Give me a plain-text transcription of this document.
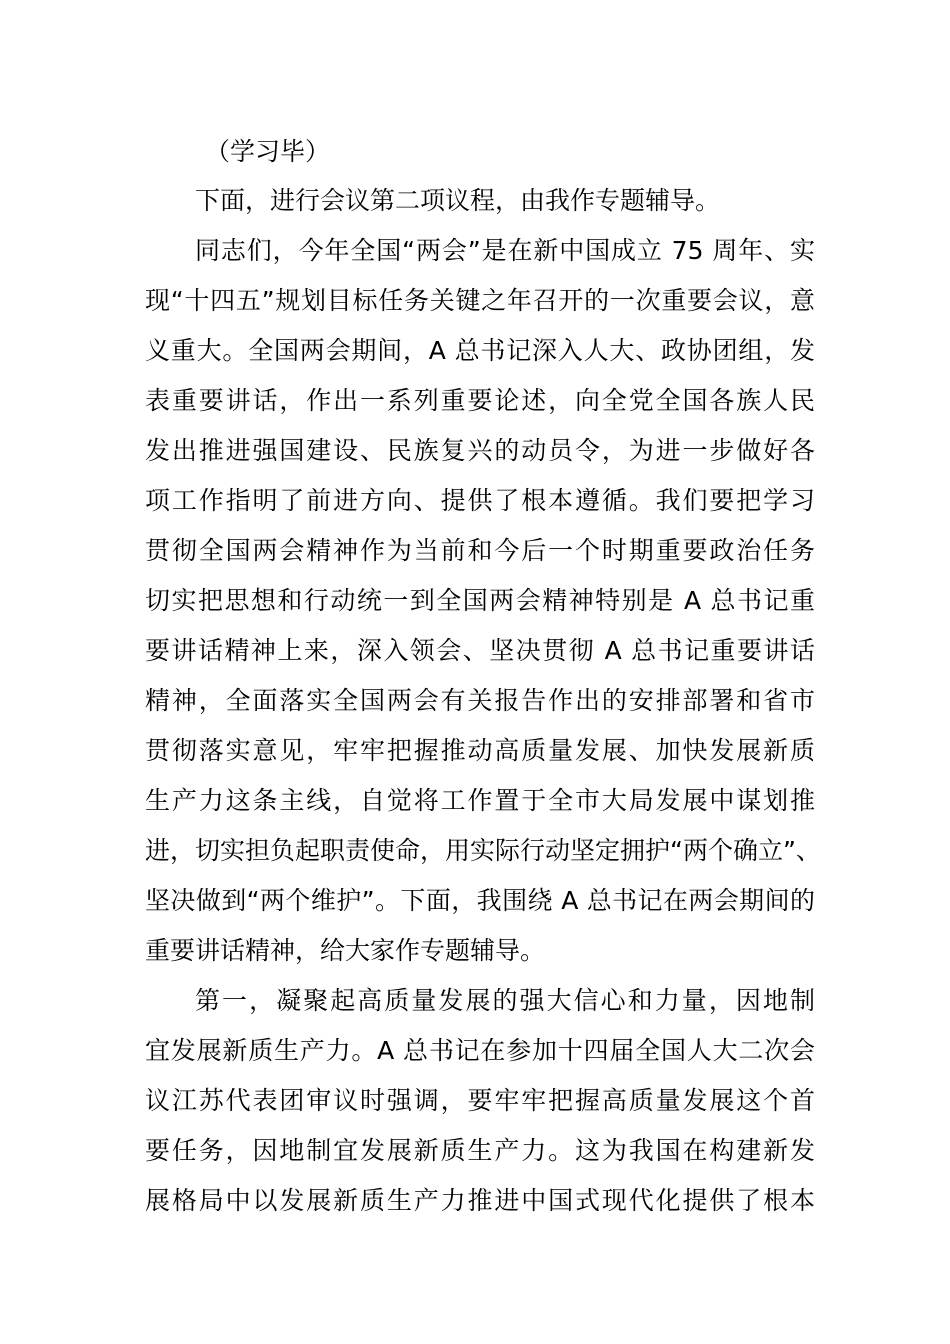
（学习毕）
下面，进行会议第二项议程，由我作专题辅导。
同志们，今年全国“两会”是在新中国成立 75 周年、实
现“十四五”规划目标任务关键之年召开的一次重要会议，意
义重大。全国两会期间，A 总书记深入人大、政协团组，发
表重要讲话，作出一系列重要论述，向全党全国各族人民
发出推进强国建设、民族复兴的动员令，为进一步做好各
项工作指明了前进方向、提供了根本遵循。我们要把学习
贯彻全国两会精神作为当前和今后一个时期重要政治任务
切实把思想和行动统一到全国两会精神特别是 A 总书记重
要讲话精神上来，深入领会、坚决贯彻 A 总书记重要讲话
精神，全面落实全国两会有关报告作出的安排部署和省市
贯彻落实意见，牢牢把握推动高质量发展、加快发展新质
生产力这条主线，自觉将工作置于全市大局发展中谋划推
进，切实担负起职责使命，用实际行动坚定拥护“两个确立”、
坚决做到“两个维护”。下面，我围绕 A 总书记在两会期间的
重要讲话精神，给大家作专题辅导。
第一，凝聚起高质量发展的强大信心和力量，因地制
宜发展新质生产力。A 总书记在参加十四届全国人大二次会
议江苏代表团审议时强调，要牢牢把握高质量发展这个首
要任务，因地制宜发展新质生产力。这为我国在构建新发
展格局中以发展新质生产力推进中国式现代化提供了根本
